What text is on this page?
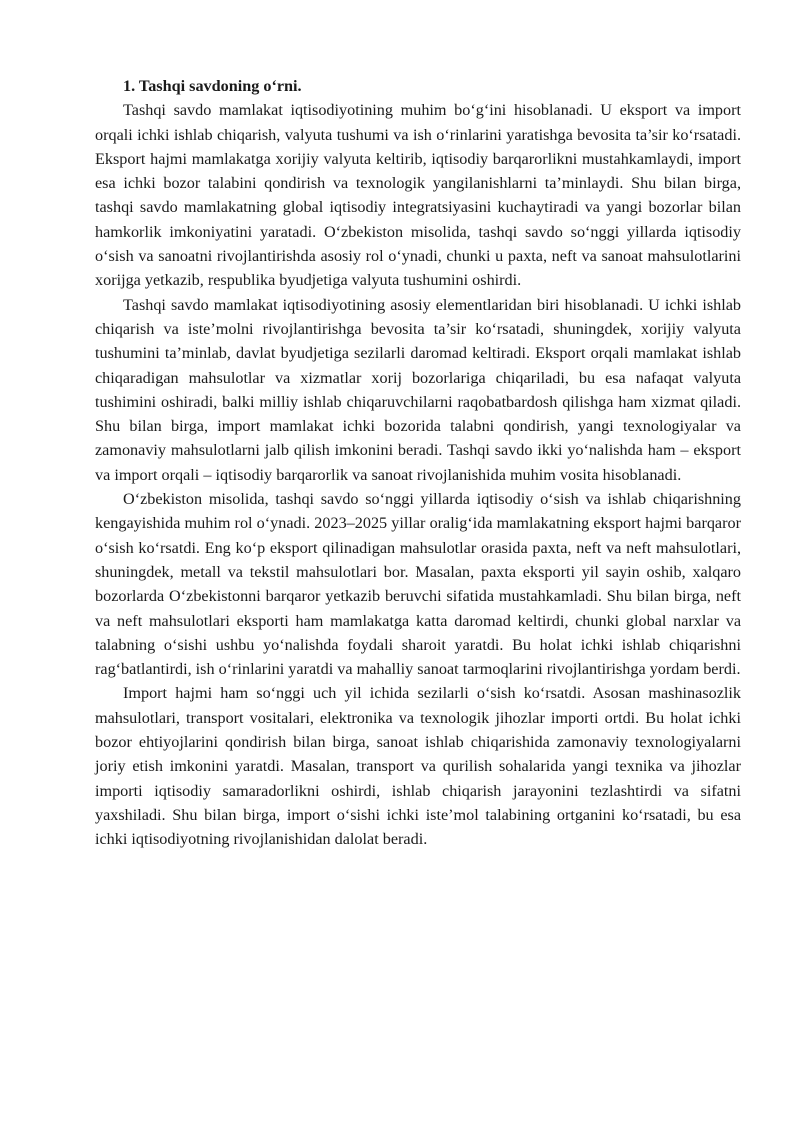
1. Tashqi savdoning o‘rni.

Tashqi savdo mamlakat iqtisodiyotining muhim bo‘g‘ini hisoblanadi. U eksport va import orqali ichki ishlab chiqarish, valyuta tushumi va ish o‘rinlarini yaratishga bevosita ta’sir ko‘rsatadi. Eksport hajmi mamlakatga xorijiy valyuta keltirib, iqtisodiy barqarorlikni mustahkamlaydi, import esa ichki bozor talabini qondirish va texnologik yangilanishlarni ta’minlaydi. Shu bilan birga, tashqi savdo mamlakatning global iqtisodiy integratsiyasini kuchaytiradi va yangi bozorlar bilan hamkorlik imkoniyatini yaratadi. O‘zbekiston misolida, tashqi savdo so‘nggi yillarda iqtisodiy o‘sish va sanoatni rivojlantirishda asosiy rol o‘ynadi, chunki u paxta, neft va sanoat mahsulotlarini xorijga yetkazib, respublika byudjetiga valyuta tushumini oshirdi.

Tashqi savdo mamlakat iqtisodiyotining asosiy elementlaridan biri hisoblanadi. U ichki ishlab chiqarish va iste’molni rivojlantirishga bevosita ta’sir ko‘rsatadi, shuningdek, xorijiy valyuta tushumini ta’minlab, davlat byudjetiga sezilarli daromad keltiradi. Eksport orqali mamlakat ishlab chiqaradigan mahsulotlar va xizmatlar xorij bozorlariga chiqariladi, bu esa nafaqat valyuta tushimini oshiradi, balki milliy ishlab chiqaruvchilarni raqobatbardosh qilishga ham xizmat qiladi. Shu bilan birga, import mamlakat ichki bozorida talabni qondirish, yangi texnologiyalar va zamonaviy mahsulotlarni jalb qilish imkonini beradi. Tashqi savdo ikki yo‘nalishda ham – eksport va import orqali – iqtisodiy barqarorlik va sanoat rivojlanishida muhim vosita hisoblanadi.

O‘zbekiston misolida, tashqi savdo so‘nggi yillarda iqtisodiy o‘sish va ishlab chiqarishning kengayishida muhim rol o‘ynadi. 2023–2025 yillar oralig‘ida mamlakatning eksport hajmi barqaror o‘sish ko‘rsatdi. Eng ko‘p eksport qilinadigan mahsulotlar orasida paxta, neft va neft mahsulotlari, shuningdek, metall va tekstil mahsulotlari bor. Masalan, paxta eksporti yil sayin oshib, xalqaro bozorlarda O‘zbekistonni barqaror yetkazib beruvchi sifatida mustahkamladi. Shu bilan birga, neft va neft mahsulotlari eksporti ham mamlakatga katta daromad keltirdi, chunki global narxlar va talabning o‘sishi ushbu yo‘nalishda foydali sharoit yaratdi. Bu holat ichki ishlab chiqarishni rag‘batlantirdi, ish o‘rinlarini yaratdi va mahalliy sanoat tarmoqlarini rivojlantirishga yordam berdi.

Import hajmi ham so‘nggi uch yil ichida sezilarli o‘sish ko‘rsatdi. Asosan mashinasozlik mahsulotlari, transport vositalari, elektronika va texnologik jihozlar importi ortdi. Bu holat ichki bozor ehtiyojlarini qondirish bilan birga, sanoat ishlab chiqarishida zamonaviy texnologiyalarni joriy etish imkonini yaratdi. Masalan, transport va qurilish sohalarida yangi texnika va jihozlar importi iqtisodiy samaradorlikni oshirdi, ishlab chiqarish jarayonini tezlashtirdi va sifatni yaxshiladi. Shu bilan birga, import o‘sishi ichki iste’mol talabining ortganini ko‘rsatadi, bu esa ichki iqtisodiyotning rivojlanishidan dalolat beradi.
